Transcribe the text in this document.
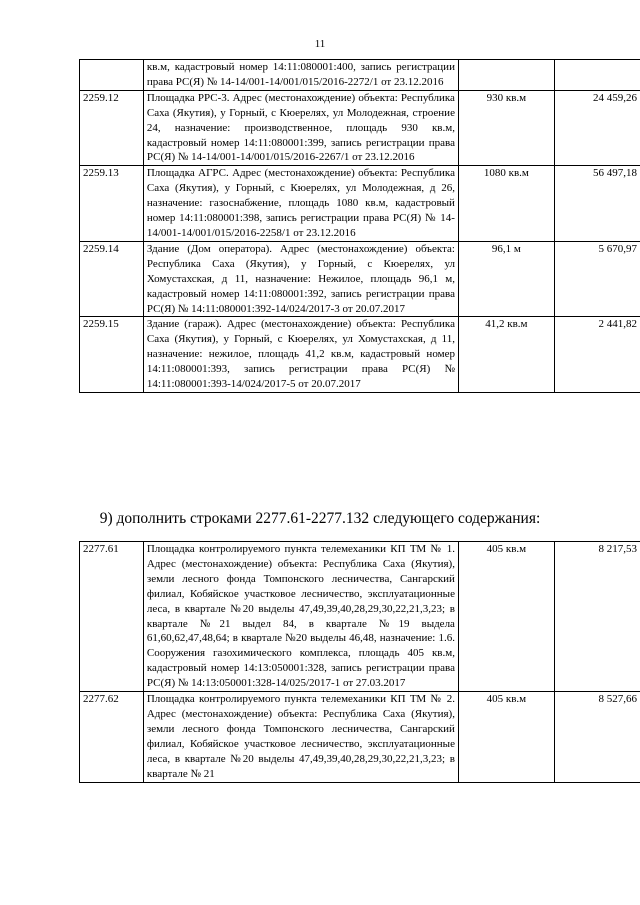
11
	кв.м, кадастровый номер 14:11:080001:400, запись регистрации права РС(Я) № 14-14/001-14/001/015/2016-2272/1 от 23.12.2016		
2259.12	Площадка РРС-3. Адрес (местонахождение) объекта: Республика Саха (Якутия), у Горный, с Кюерелях, ул Молодежная, строение 24, назначение: производственное, площадь 930 кв.м, кадастровый номер 14:11:080001:399, запись регистрации права РС(Я) № 14-14/001-14/001/015/2016-2267/1 от 23.12.2016	930 кв.м	24 459,26
2259.13	Площадка АГРС. Адрес (местонахождение) объекта: Республика Саха (Якутия), у Горный, с Кюерелях, ул Молодежная, д 26, назначение: газоснабжение, площадь 1080 кв.м, кадастровый номер 14:11:080001:398, запись регистрации права РС(Я) № 14-14/001-14/001/015/2016-2258/1 от 23.12.2016	1080 кв.м	56 497,18
2259.14	Здание (Дом оператора). Адрес (местонахождение) объекта: Республика Саха (Якутия), у Горный, с Кюерелях, ул Хомустахская, д 11, назначение: Нежилое, площадь 96,1 м, кадастровый номер 14:11:080001:392, запись регистрации права РС(Я) № 14:11:080001:392-14/024/2017-3 от 20.07.2017	96,1 м	5 670,97
2259.15	Здание (гараж). Адрес (местонахождение) объекта: Республика Саха (Якутия), у Горный, с Кюерелях, ул Хомустахская, д 11, назначение: нежилое, площадь 41,2 кв.м, кадастровый номер 14:11:080001:393, запись регистрации права РС(Я) № 14:11:080001:393-14/024/2017-5 от 20.07.2017	41,2 кв.м	2 441,82
9) дополнить строками 2277.61-2277.132 следующего содержания:
2277.61	Площадка контролируемого пункта телемеханики КП ТМ № 1. Адрес (местонахождение) объекта: Республика Саха (Якутия), земли лесного фонда Томпонского лесничества, Сангарский филиал, Кобяйское участковое лесничество, эксплуатационные леса, в квартале №20 выделы 47,49,39,40,28,29,30,22,21,3,23; в квартале №21 выдел 84, в квартале №19 выдела 61,60,62,47,48,64; в квартале №20 выделы 46,48, назначение: 1.6. Сооружения газохимического комплекса, площадь 405 кв.м, кадастровый номер 14:13:050001:328, запись регистрации права РС(Я) № 14:13:050001:328-14/025/2017-1 от 27.03.2017	405 кв.м	8 217,53
2277.62	Площадка контролируемого пункта телемеханики КП ТМ № 2. Адрес (местонахождение) объекта: Республика Саха (Якутия), земли лесного фонда Томпонского лесничества, Сангарский филиал, Кобяйское участковое лесничество, эксплуатационные леса, в квартале №20 выделы 47,49,39,40,28,29,30,22,21,3,23; в квартале № 21	405 кв.м	8 527,66
